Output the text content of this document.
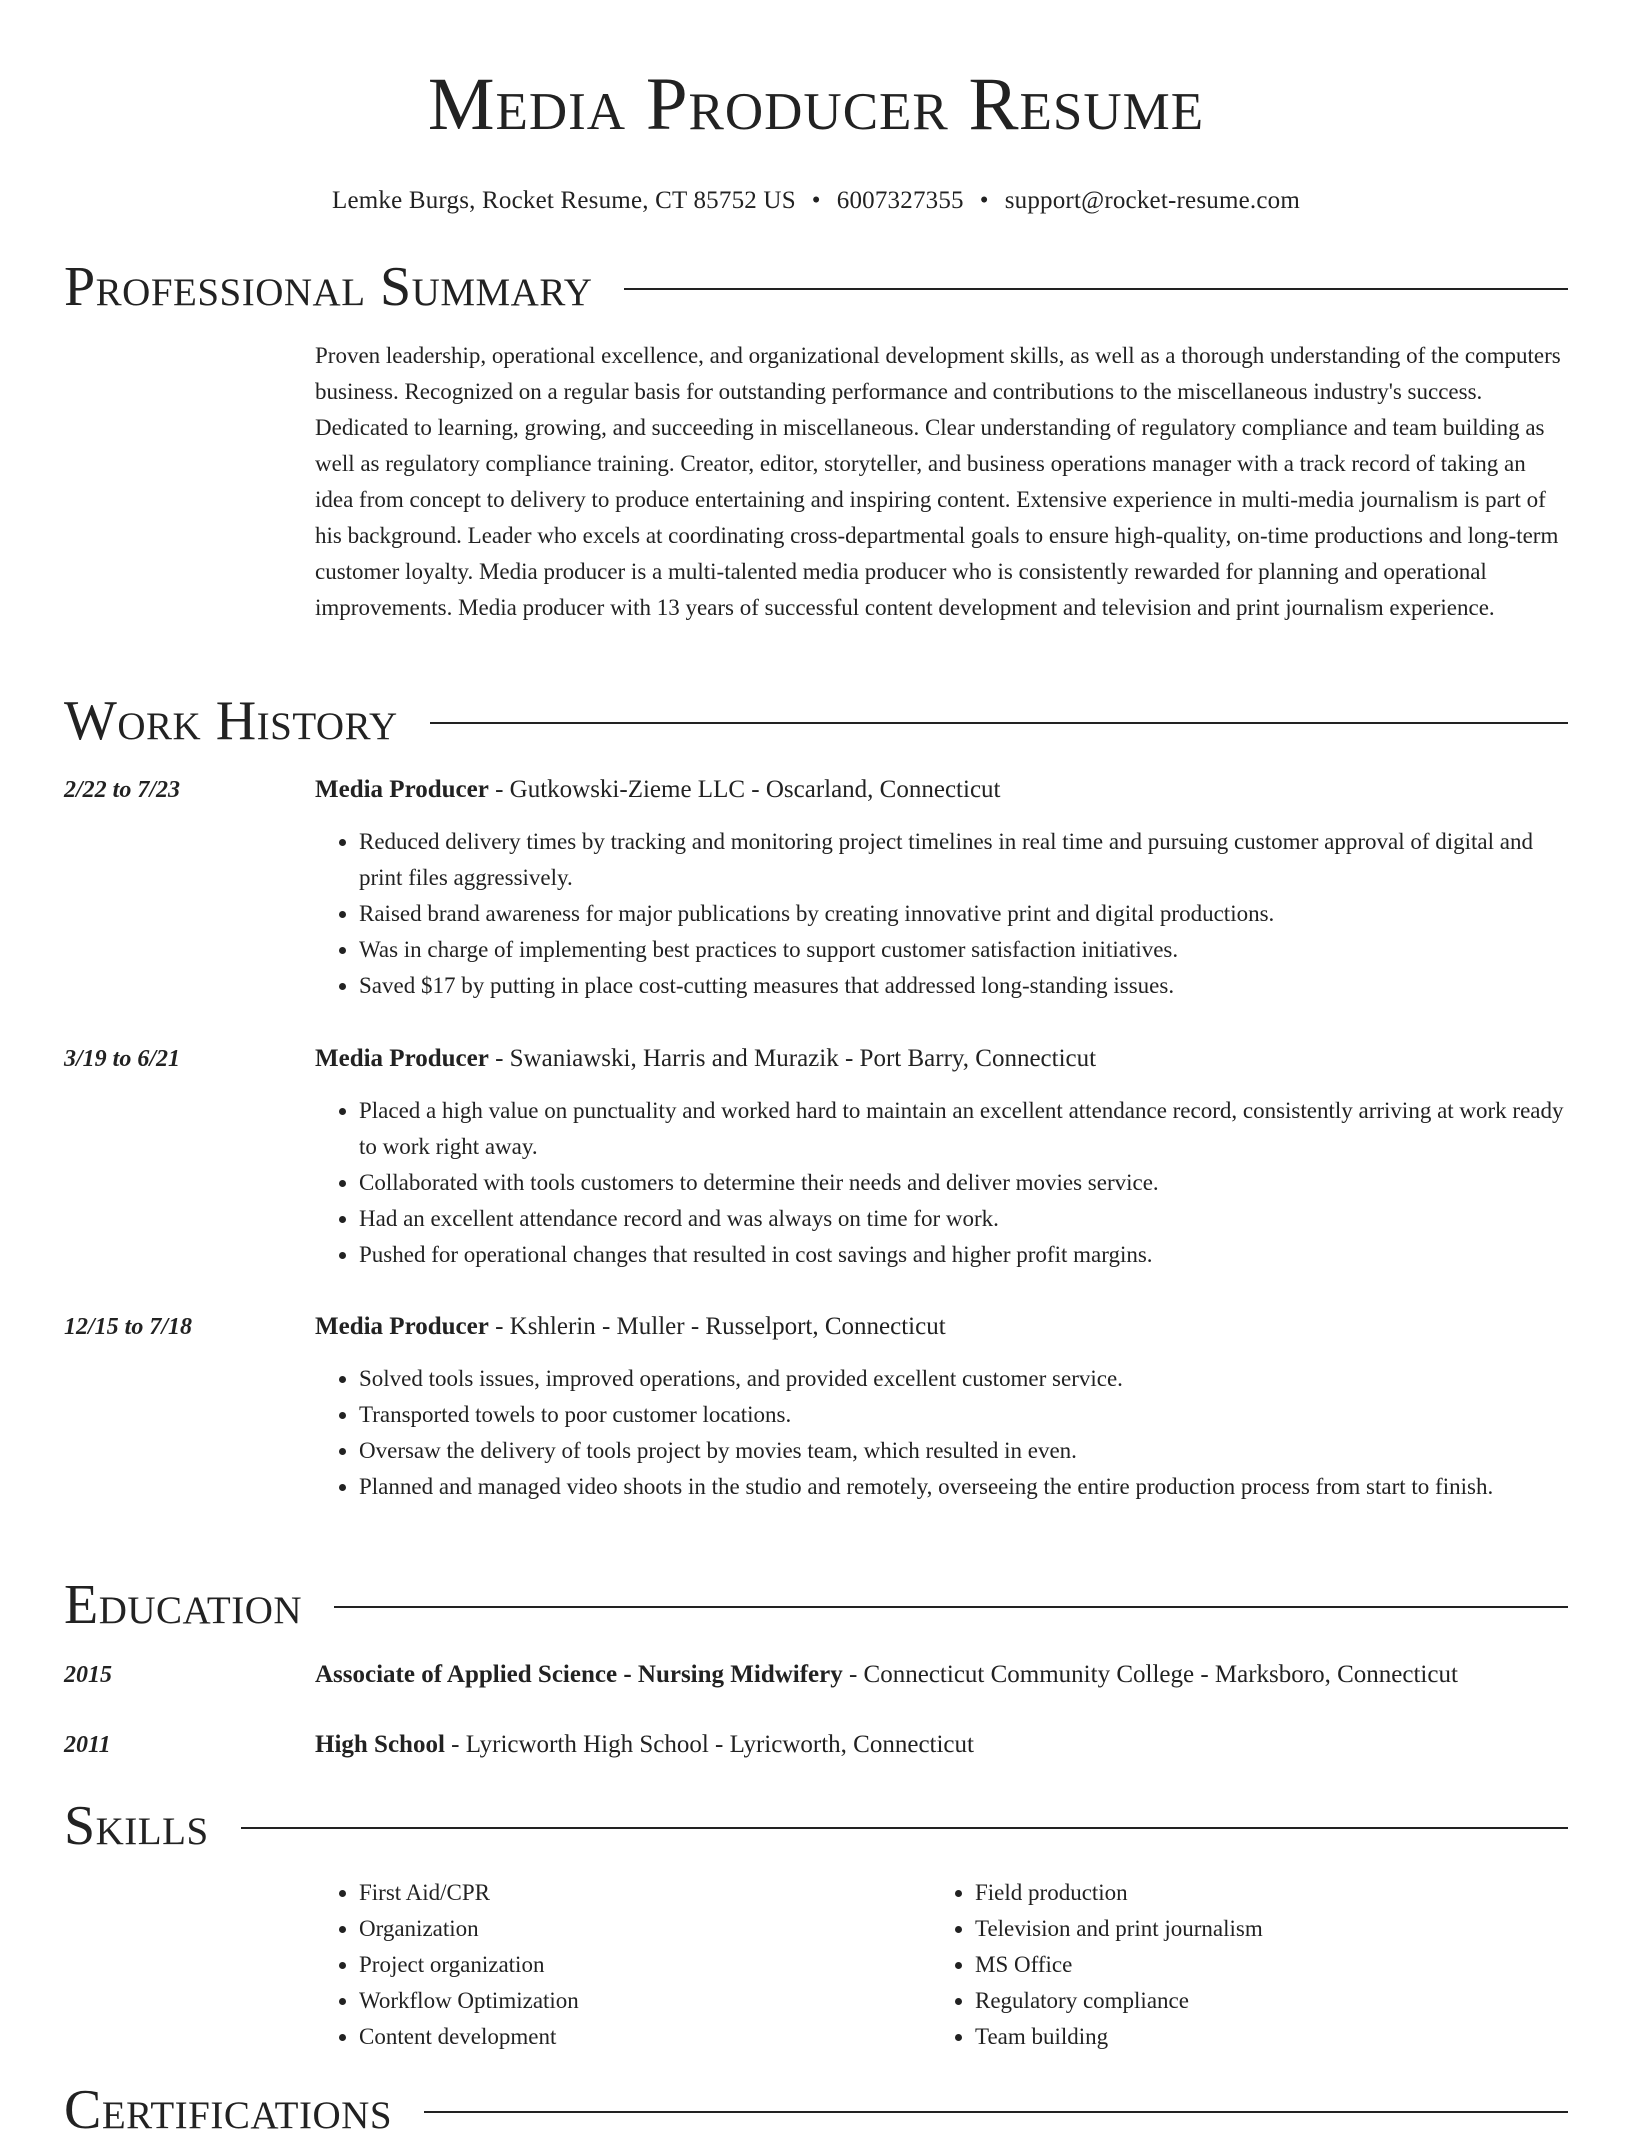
Media Producer Resume
Lemke Burgs, Rocket Resume, CT 85752 US • 6007327355 • support@rocket-resume.com
Professional Summary
Proven leadership, operational excellence, and organizational development skills, as well as a thorough understanding of the computers business. Recognized on a regular basis for outstanding performance and contributions to the miscellaneous industry's success. Dedicated to learning, growing, and succeeding in miscellaneous. Clear understanding of regulatory compliance and team building as well as regulatory compliance training. Creator, editor, storyteller, and business operations manager with a track record of taking an idea from concept to delivery to produce entertaining and inspiring content. Extensive experience in multi-media journalism is part of his background. Leader who excels at coordinating cross-departmental goals to ensure high-quality, on-time productions and long-term customer loyalty. Media producer is a multi-talented media producer who is consistently rewarded for planning and operational improvements. Media producer with 13 years of successful content development and television and print journalism experience.
Work History
2/22 to 7/23	Media Producer - Gutkowski-Zieme LLC - Oscarland, Connecticut
• Reduced delivery times by tracking and monitoring project timelines in real time and pursuing customer approval of digital and print files aggressively.
• Raised brand awareness for major publications by creating innovative print and digital productions.
• Was in charge of implementing best practices to support customer satisfaction initiatives.
• Saved $17 by putting in place cost-cutting measures that addressed long-standing issues.
3/19 to 6/21	Media Producer - Swaniawski, Harris and Murazik - Port Barry, Connecticut
• Placed a high value on punctuality and worked hard to maintain an excellent attendance record, consistently arriving at work ready to work right away.
• Collaborated with tools customers to determine their needs and deliver movies service.
• Had an excellent attendance record and was always on time for work.
• Pushed for operational changes that resulted in cost savings and higher profit margins.
12/15 to 7/18	Media Producer - Kshlerin - Muller - Russelport, Connecticut
• Solved tools issues, improved operations, and provided excellent customer service.
• Transported towels to poor customer locations.
• Oversaw the delivery of tools project by movies team, which resulted in even.
• Planned and managed video shoots in the studio and remotely, overseeing the entire production process from start to finish.
Education
2015	Associate of Applied Science - Nursing Midwifery - Connecticut Community College - Marksboro, Connecticut
2011	High School - Lyricworth High School - Lyricworth, Connecticut
Skills
• First Aid/CPR
• Organization
• Project organization
• Workflow Optimization
• Content development
• Field production
• Television and print journalism
• MS Office
• Regulatory compliance
• Team building
Certifications
